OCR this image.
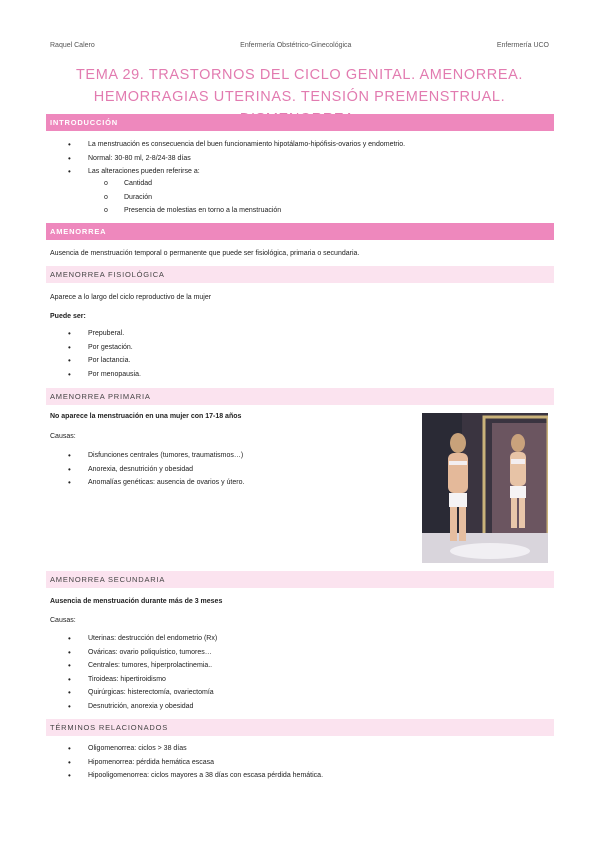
Raquel Calero	Enfermería Obstétrico-Ginecológica	Enfermería UCO
TEMA 29. TRASTORNOS DEL CICLO GENITAL. AMENORREA.
HEMORRAGIAS UTERINAS. TENSIÓN PREMENSTRUAL.
INTRODUCCIÓN
• La menstruación es consecuencia del buen funcionamiento hipotálamo-hipófisis-ovarios y endometrio.
• Normal: 30-80 ml, 2-8/24-38 días
• Las alteraciones pueden referirse a:
o Cantidad
o Duración
o Presencia de molestias en torno a la menstruación
AMENORREA
Ausencia de menstruación temporal o permanente que puede ser fisiológica, primaria o secundaria.
AMENORREA FISIOLÓGICA
Aparece a lo largo del ciclo reproductivo de la mujer
Puede ser:
• Prepuberal.
• Por gestación.
• Por lactancia.
• Por menopausia.
AMENORREA PRIMARIA
No aparece la menstruación en una mujer con 17-18 años
Causas:
• Disfunciones centrales (tumores, traumatismos…)
• Anorexia, desnutrición y obesidad
• Anomalías genéticas: ausencia de ovarios y útero.
AMENORREA SECUNDARIA
Ausencia de menstruación durante más de 3 meses
Causas:
• Uterinas: destrucción del endometrio (Rx)
• Ováricas: ovario poliquístico, tumores…
• Centrales: tumores, hiperprolactinemia..
• Tiroideas: hipertiroidismo
• Quirúrgicas: histerectomía, ovariectomía
• Desnutrición, anorexia y obesidad
TÉRMINOS RELACIONADOS
• Oligomenorrea: ciclos > 38 días
• Hipomenorrea: pérdida hemática escasa
• Hipooligomenorrea: ciclos mayores a 38 días con escasa pérdida hemática.
